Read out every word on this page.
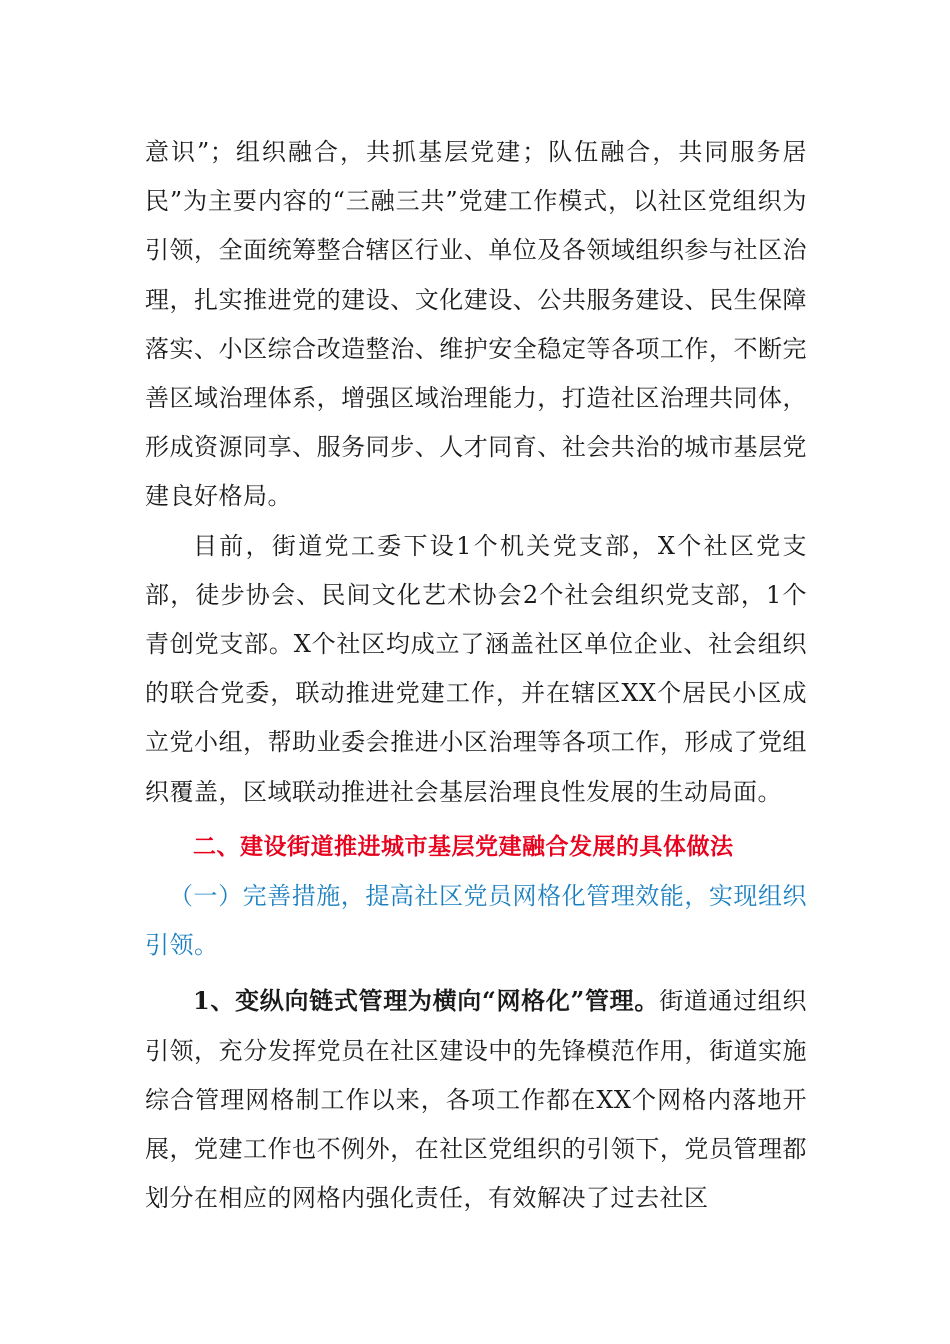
意识”；组织融合，共抓基层党建；队伍融合，共同服务居民”为主要内容的“三融三共”党建工作模式，以社区党组织为引领，全面统筹整合辖区行业、单位及各领域组织参与社区治理，扎实推进党的建设、文化建设、公共服务建设、民生保障落实、小区综合改造整治、维护安全稳定等各项工作，不断完善区域治理体系，增强区域治理能力，打造社区治理共同体，形成资源同享、服务同步、人才同育、社会共治的城市基层党建良好格局。

目前，街道党工委下设1个机关党支部，X个社区党支部，徒步协会、民间文化艺术协会2个社会组织党支部，1个青创党支部。X个社区均成立了涵盖社区单位企业、社会组织的联合党委，联动推进党建工作，并在辖区XX个居民小区成立党小组，帮助业委会推进小区治理等各项工作，形成了党组织覆盖，区域联动推进社会基层治理良性发展的生动局面。

二、建设街道推进城市基层党建融合发展的具体做法

（一）完善措施，提高社区党员网格化管理效能，实现组织引领。

1、变纵向链式管理为横向“网格化”管理。街道通过组织引领，充分发挥党员在社区建设中的先锋模范作用，街道实施综合管理网格制工作以来，各项工作都在XX个网格内落地开展，党建工作也不例外，在社区党组织的引领下，党员管理都划分在相应的网格内强化责任，有效解决了过去社区
